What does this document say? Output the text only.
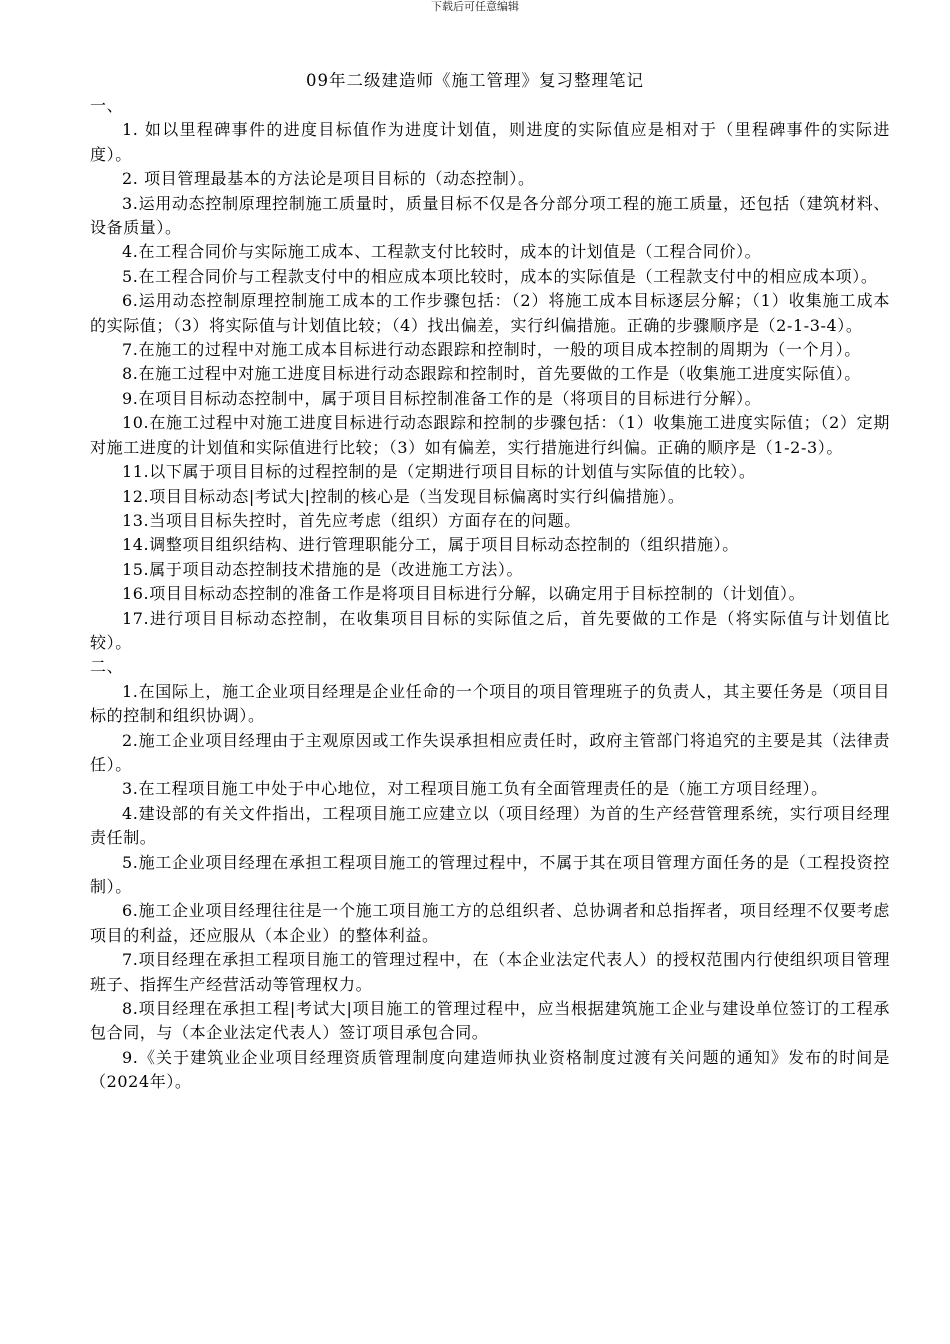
下载后可任意编辑
09年二级建造师《施工管理》复习整理笔记
一、

1. 如以里程碑事件的进度目标值作为进度计划值，则进度的实际值应是相对于（里程碑事件的实际进度）。

2. 项目管理最基本的方法论是项目目标的（动态控制）。

3.运用动态控制原理控制施工质量时，质量目标不仅是各分部分项工程的施工质量，还包括（建筑材料、设备质量）。

4.在工程合同价与实际施工成本、工程款支付比较时，成本的计划值是（工程合同价）。

5.在工程合同价与工程款支付中的相应成本项比较时，成本的实际值是（工程款支付中的相应成本项）。

6.运用动态控制原理控制施工成本的工作步骤包括：（2）将施工成本目标逐层分解；（1）收集施工成本的实际值；（3）将实际值与计划值比较；（4）找出偏差，实行纠偏措施。正确的步骤顺序是（2-1-3-4）。

7.在施工的过程中对施工成本目标进行动态跟踪和控制时，一般的项目成本控制的周期为（一个月）。

8.在施工过程中对施工进度目标进行动态跟踪和控制时，首先要做的工作是（收集施工进度实际值）。

9.在项目目标动态控制中，属于项目目标控制准备工作的是（将项目的目标进行分解）。

10.在施工过程中对施工进度目标进行动态跟踪和控制的步骤包括：（1）收集施工进度实际值；（2）定期对施工进度的计划值和实际值进行比较；（3）如有偏差，实行措施进行纠偏。正确的顺序是（1-2-3）。

11.以下属于项目目标的过程控制的是（定期进行项目目标的计划值与实际值的比较）。

12.项目目标动态|考试大|控制的核心是（当发现目标偏离时实行纠偏措施）。

13.当项目目标失控时，首先应考虑（组织）方面存在的问题。

14.调整项目组织结构、进行管理职能分工，属于项目目标动态控制的（组织措施）。

15.属于项目动态控制技术措施的是（改进施工方法）。

16.项目目标动态控制的准备工作是将项目目标进行分解，以确定用于目标控制的（计划值）。

17.进行项目目标动态控制，在收集项目目标的实际值之后，首先要做的工作是（将实际值与计划值比较）。

二、

1.在国际上，施工企业项目经理是企业任命的一个项目的项目管理班子的负责人，其主要任务是（项目目标的控制和组织协调）。

2.施工企业项目经理由于主观原因或工作失误承担相应责任时，政府主管部门将追究的主要是其（法律责任）。

3.在工程项目施工中处于中心地位，对工程项目施工负有全面管理责任的是（施工方项目经理）。

4.建设部的有关文件指出，工程项目施工应建立以（项目经理）为首的生产经营管理系统，实行项目经理责任制。

5.施工企业项目经理在承担工程项目施工的管理过程中，不属于其在项目管理方面任务的是（工程投资控制）。

6.施工企业项目经理往往是一个施工项目施工方的总组织者、总协调者和总指挥者，项目经理不仅要考虑项目的利益，还应服从（本企业）的整体利益。

7.项目经理在承担工程项目施工的管理过程中，在（本企业法定代表人）的授权范围内行使组织项目管理班子、指挥生产经营活动等管理权力。

8.项目经理在承担工程|考试大|项目施工的管理过程中，应当根据建筑施工企业与建设单位签订的工程承包合同，与（本企业法定代表人）签订项目承包合同。

9.《关于建筑业企业项目经理资质管理制度向建造师执业资格制度过渡有关问题的通知》发布的时间是（2024年）。
